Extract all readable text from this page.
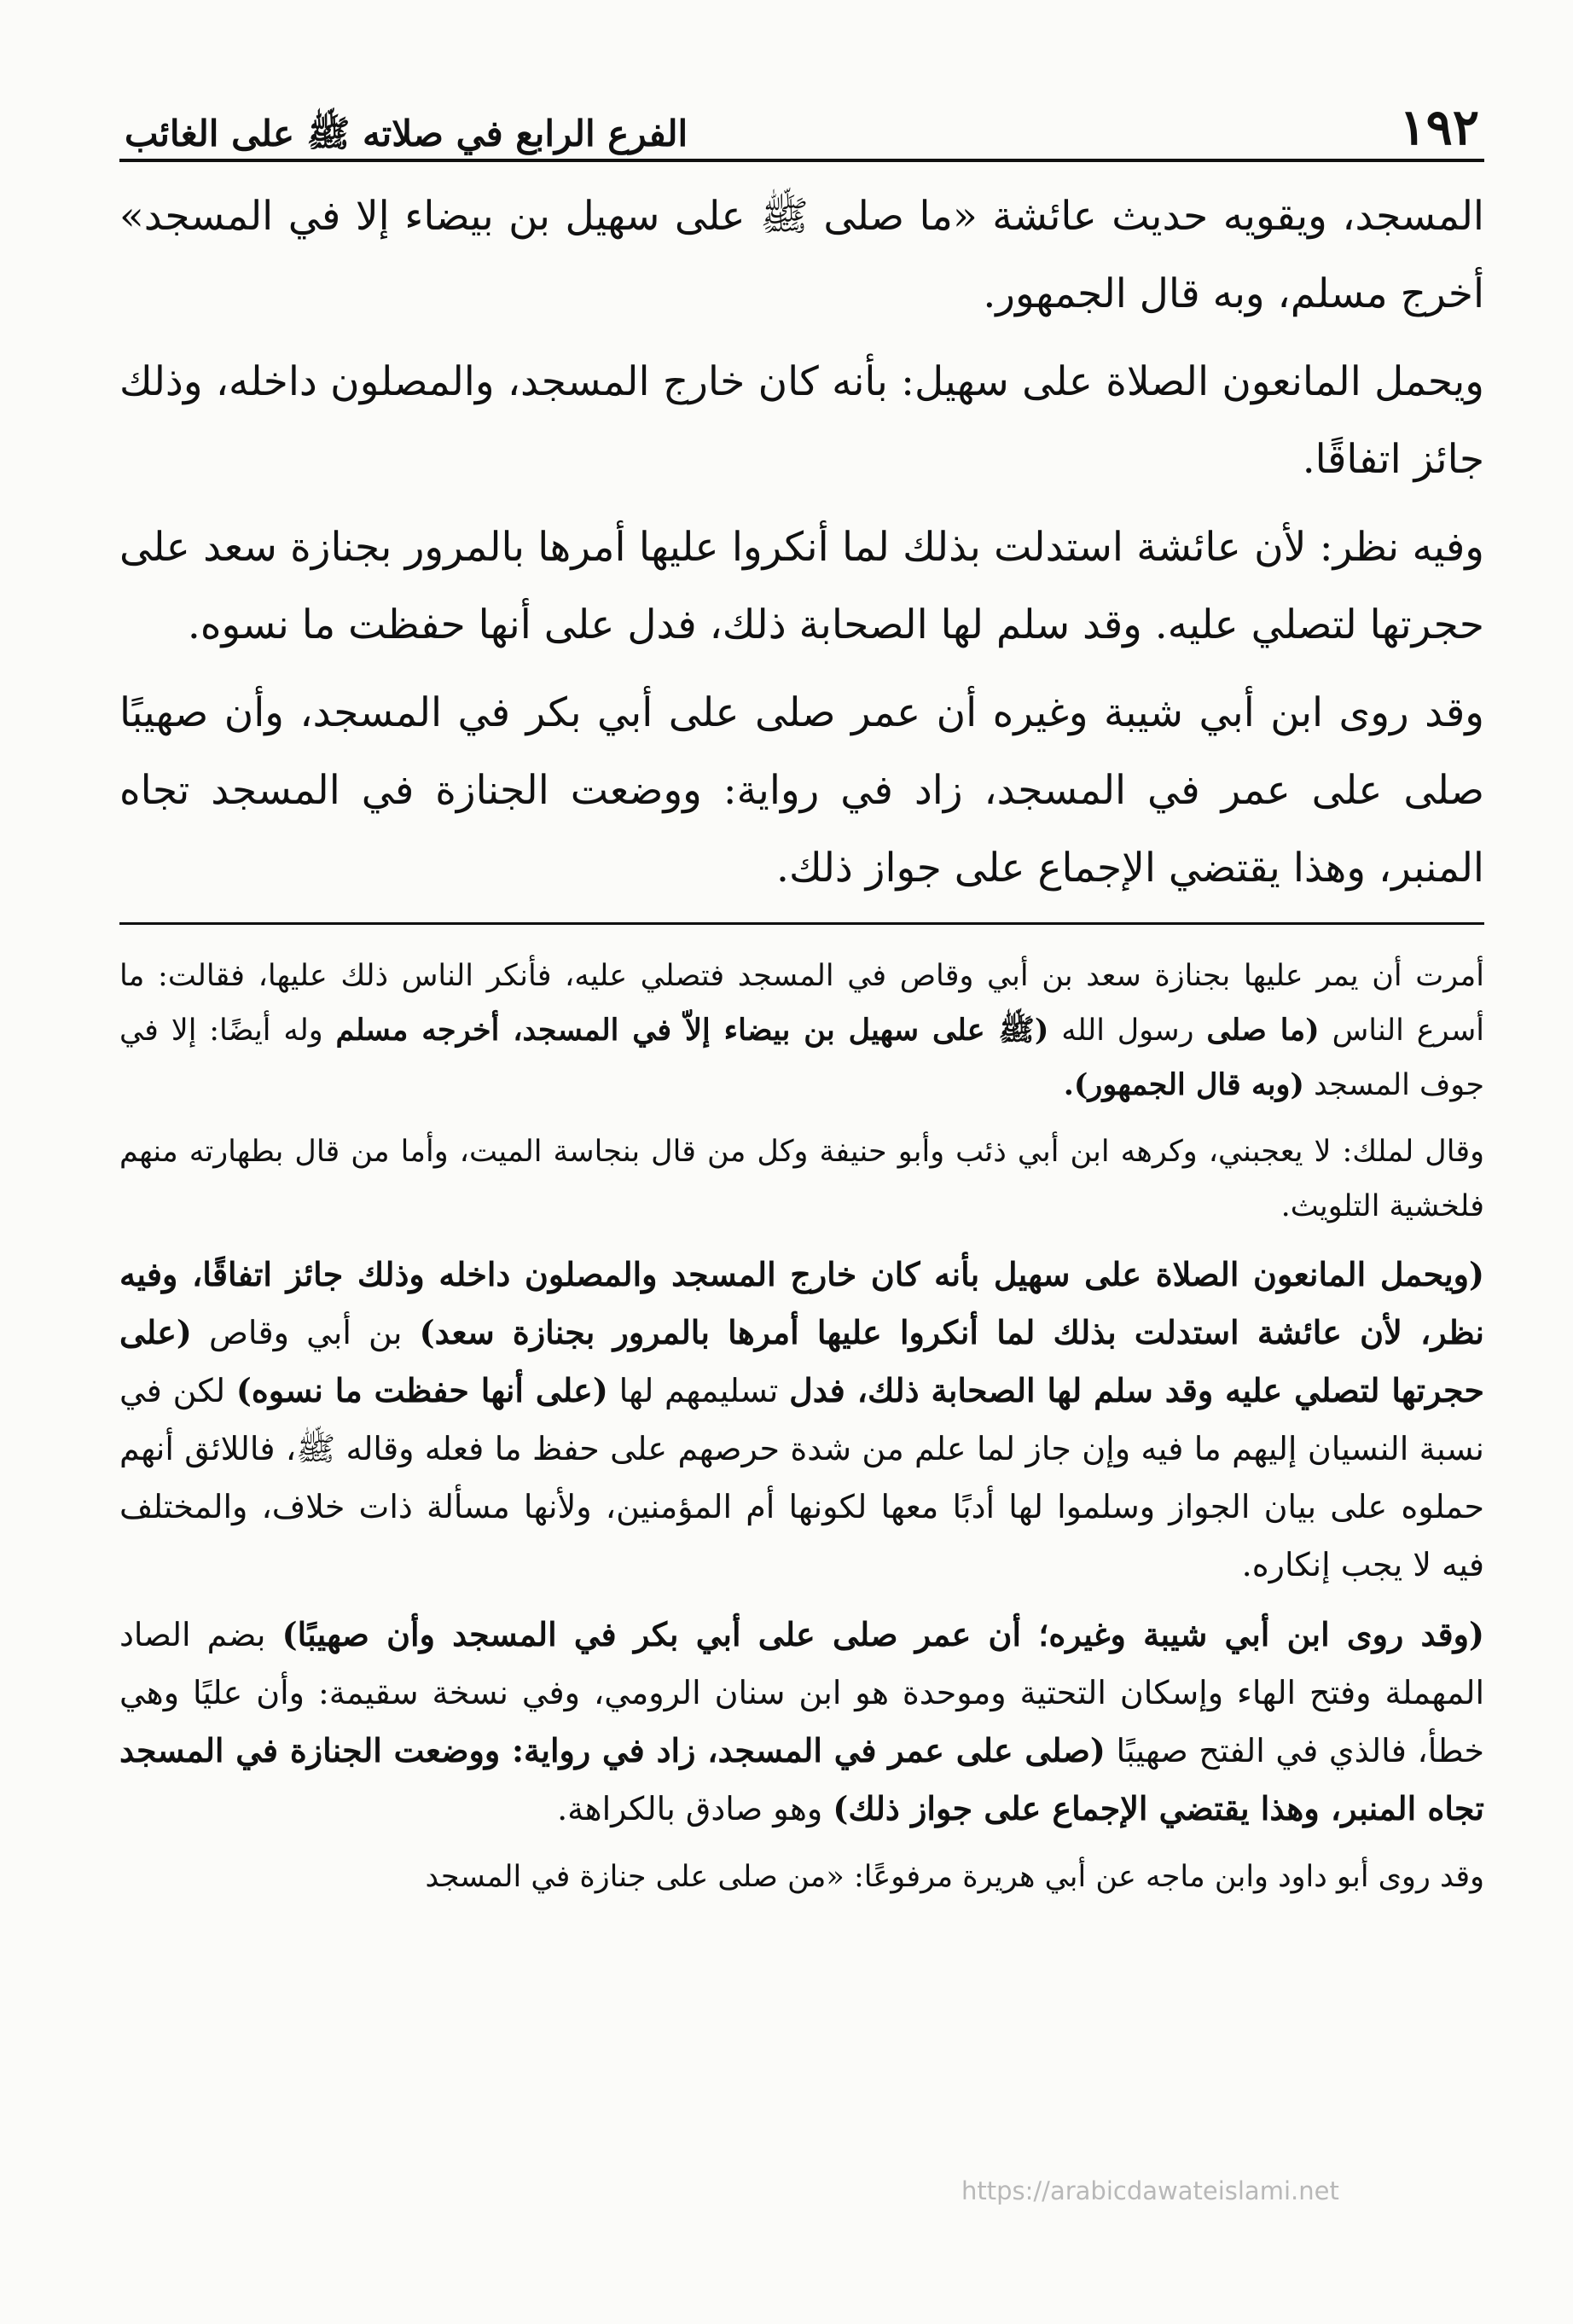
١٩٢
الفرع الرابع في صلاته ﷺ على الغائب

المسجد، ويقويه حديث عائشة «ما صلى ﷺ على سهيل بن بيضاء إلا في المسجد» أخرج مسلم، وبه قال الجمهور.

ويحمل المانعون الصلاة على سهيل: بأنه كان خارج المسجد، والمصلون داخله، وذلك جائز اتفاقًا.

وفيه نظر: لأن عائشة استدلت بذلك لما أنكروا عليها أمرها بالمرور بجنازة سعد على حجرتها لتصلي عليه. وقد سلم لها الصحابة ذلك، فدل على أنها حفظت ما نسوه.

وقد روى ابن أبي شيبة وغيره أن عمر صلى على أبي بكر في المسجد، وأن صهيبًا صلى على عمر في المسجد، زاد في رواية: ووضعت الجنازة في المسجد تجاه المنبر، وهذا يقتضي الإجماع على جواز ذلك.

أمرت أن يمر عليها بجنازة سعد بن أبي وقاص في المسجد فتصلي عليه، فأنكر الناس ذلك عليها، فقالت: ما أسرع الناس (ما صلى رسول الله (ﷺ على سهيل بن بيضاء إلاّ في المسجد، أخرجه مسلم وله أيضًا: إلا في جوف المسجد (وبه قال الجمهور).

وقال لملك: لا يعجبني، وكرهه ابن أبي ذئب وأبو حنيفة وكل من قال بنجاسة الميت، وأما من قال بطهارته منهم فلخشية التلويث.

(ويحمل المانعون الصلاة على سهيل بأنه كان خارج المسجد والمصلون داخله وذلك جائز اتفاقًا، وفيه نظر، لأن عائشة استدلت بذلك لما أنكروا عليها أمرها بالمرور بجنازة سعد) بن أبي وقاص (على حجرتها لتصلي عليه وقد سلم لها الصحابة ذلك، فدل تسليمهم لها (على أنها حفظت ما نسوه) لكن في نسبة النسيان إليهم ما فيه وإن جاز لما علم من شدة حرصهم على حفظ ما فعله وقاله ﷺ، فاللائق أنهم حملوه على بيان الجواز وسلموا لها أدبًا معها لكونها أم المؤمنين، ولأنها مسألة ذات خلاف، والمختلف فيه لا يجب إنكاره.

(وقد روى ابن أبي شيبة وغيره؛ أن عمر صلى على أبي بكر في المسجد وأن صهيبًا) بضم الصاد المهملة وفتح الهاء وإسكان التحتية وموحدة هو ابن سنان الرومي، وفي نسخة سقيمة: وأن عليًا وهي خطأ، فالذي في الفتح صهيبًا (صلى على عمر في المسجد، زاد في رواية: ووضعت الجنازة في المسجد تجاه المنبر، وهذا يقتضي الإجماع على جواز ذلك) وهو صادق بالكراهة.

وقد روى أبو داود وابن ماجه عن أبي هريرة مرفوعًا: «من صلى على جنازة في المسجد

https://arabicdawateislami.net
